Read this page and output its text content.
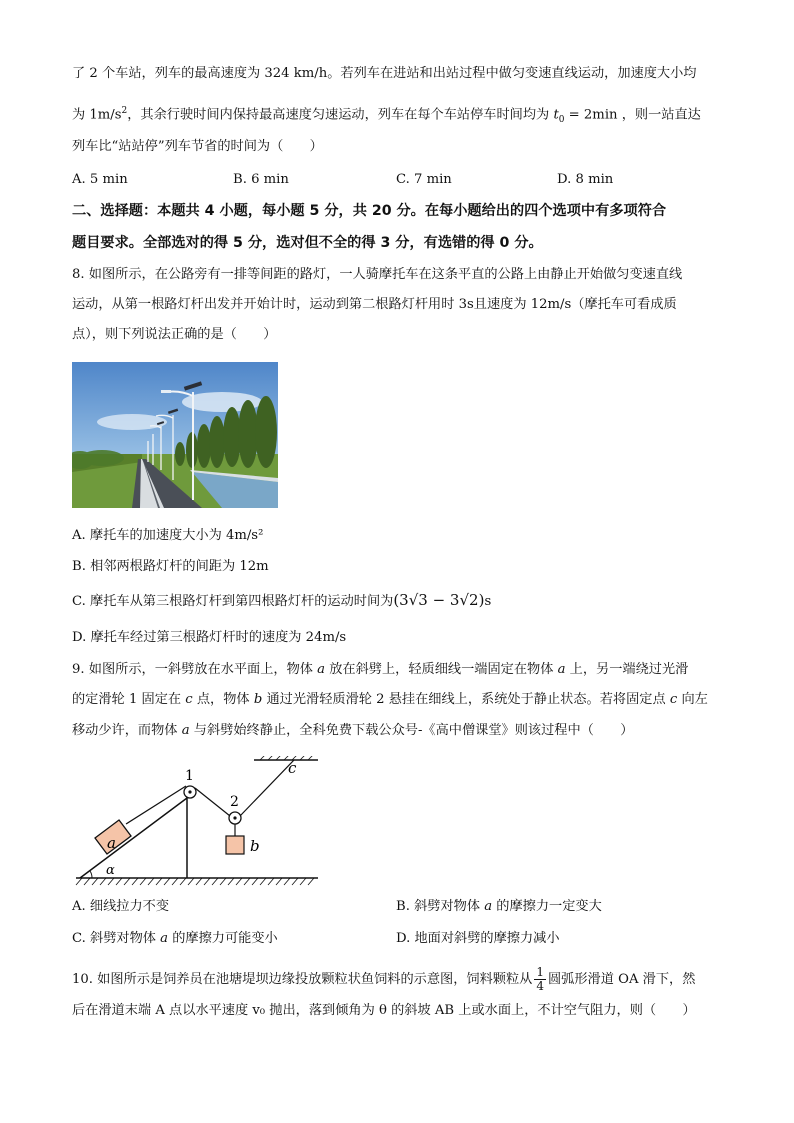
了 2 个车站，列车的最高速度为 324 km/h。若列车在进站和出站过程中做匀变速直线运动，加速度大小均
为 $1m/s^2$，其余行驶时间内保持最高速度匀速运动，列车在每个车站停车时间均为 $t_0 = 2\min$ ，则一站直达
列车比“站站停”列车节省的时间为（　　）
A. 5 min	B. 6 min	C. 7 min	D. 8 min
二、选择题：本题共 4 小题，每小题 5 分，共 20 分。在每小题给出的四个选项中有多项符合
题目要求。全部选对的得 5 分，选对但不全的得 3 分，有选错的得 0 分。
8. 如图所示，在公路旁有一排等间距的路灯，一人骑摩托车在这条平直的公路上由静止开始做匀变速直线
运动，从第一根路灯杆出发并开始计时，运动到第二根路灯杆用时 3s且速度为 12m/s（摩托车可看成质
点），则下列说法正确的是（　　）
A. 摩托车的加速度大小为 4m/s²
B. 相邻两根路灯杆的间距为 12m
C. 摩托车从第三根路灯杆到第四根路灯杆的运动时间为(3√3 − 3√2)s
D. 摩托车经过第三根路灯杆时的速度为 24m/s
9. 如图所示，一斜劈放在水平面上，物体 a 放在斜劈上，轻质细线一端固定在物体 a 上，另一端绕过光滑
的定滑轮 1 固定在 c 点，物体 b 通过光滑轻质滑轮 2 悬挂在细线上，系统处于静止状态。若将固定点 c 向左
移动少许，而物体 a 与斜劈始终静止，全科免费下载公众号-《高中僧课堂》则该过程中（　　）
α
a
1
2
b
c
A. 细线拉力不变	B. 斜劈对物体 a 的摩擦力一定变大
C. 斜劈对物体 a 的摩擦力可能变小	D. 地面对斜劈的摩擦力减小
10. 如图所示是饲养员在池塘堤坝边缘投放颗粒状鱼饲料的示意图，饲料颗粒从 $\frac{1}{4}$ 圆弧形滑道 OA 滑下，然
后在滑道末端 A 点以水平速度 v₀ 抛出，落到倾角为 θ 的斜坡 AB 上或水面上，不计空气阻力，则（　　）
